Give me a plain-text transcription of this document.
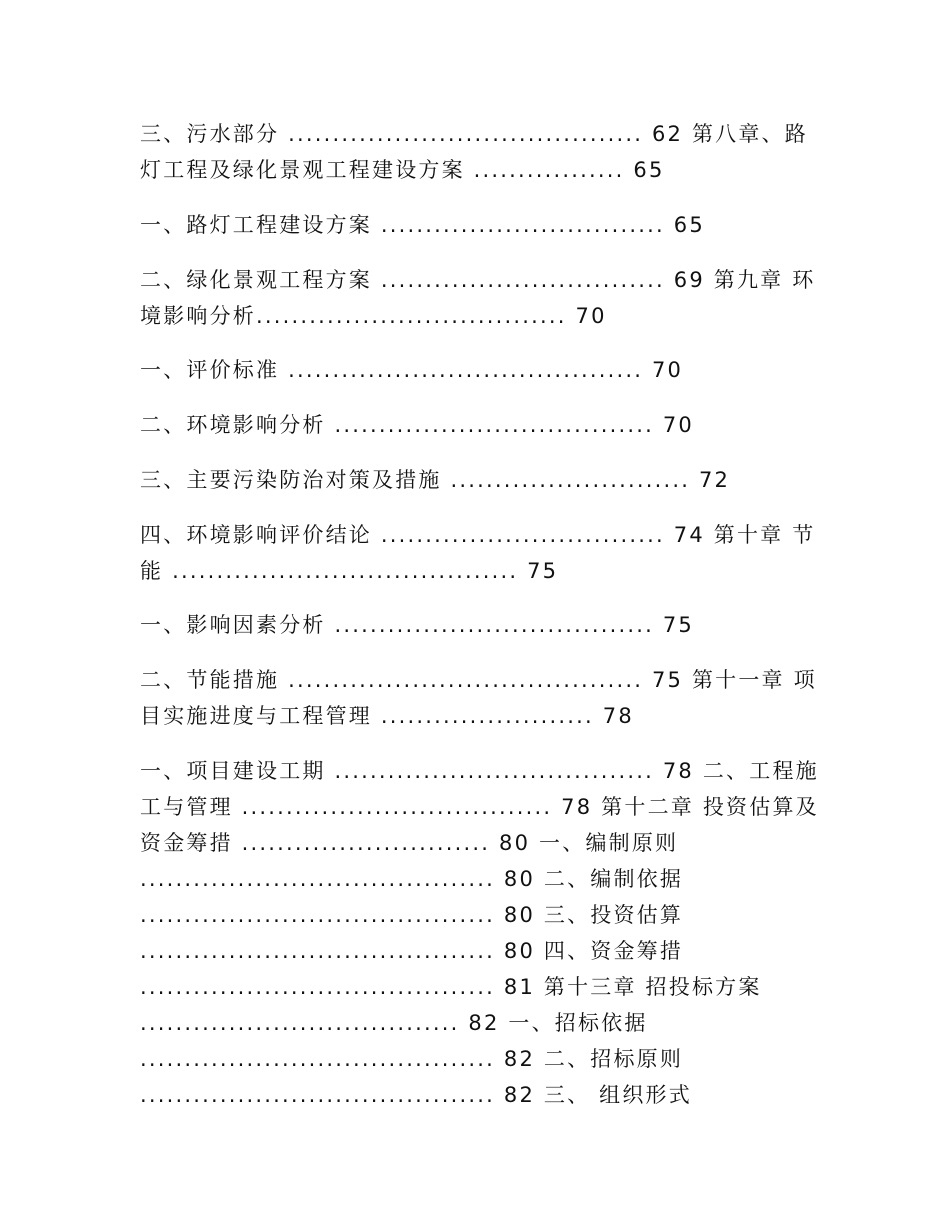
三、污水部分 ........................................ 62 第八章、路
灯工程及绿化景观工程建设方案 ................. 65
一、路灯工程建设方案 ................................ 65
二、绿化景观工程方案 ................................ 69 第九章 环
境影响分析................................... 70
一、评价标准 ........................................ 70
二、环境影响分析 .................................... 70
三、主要污染防治对策及措施 ........................... 72
四、环境影响评价结论 ................................ 74 第十章 节
能 ....................................... 75
一、影响因素分析 .................................... 75
二、节能措施 ........................................ 75 第十一章 项
目实施进度与工程管理 ........................ 78
一、项目建设工期 .................................... 78 二、工程施
工与管理 ................................... 78 第十二章 投资估算及
资金筹措 ............................ 80 一、编制原则
........................................ 80 二、编制依据
........................................ 80 三、投资估算
........................................ 80 四、资金筹措
........................................ 81 第十三章 招投标方案
.................................... 82 一、招标依据
........................................ 82 二、招标原则
........................................ 82 三、 组织形式
